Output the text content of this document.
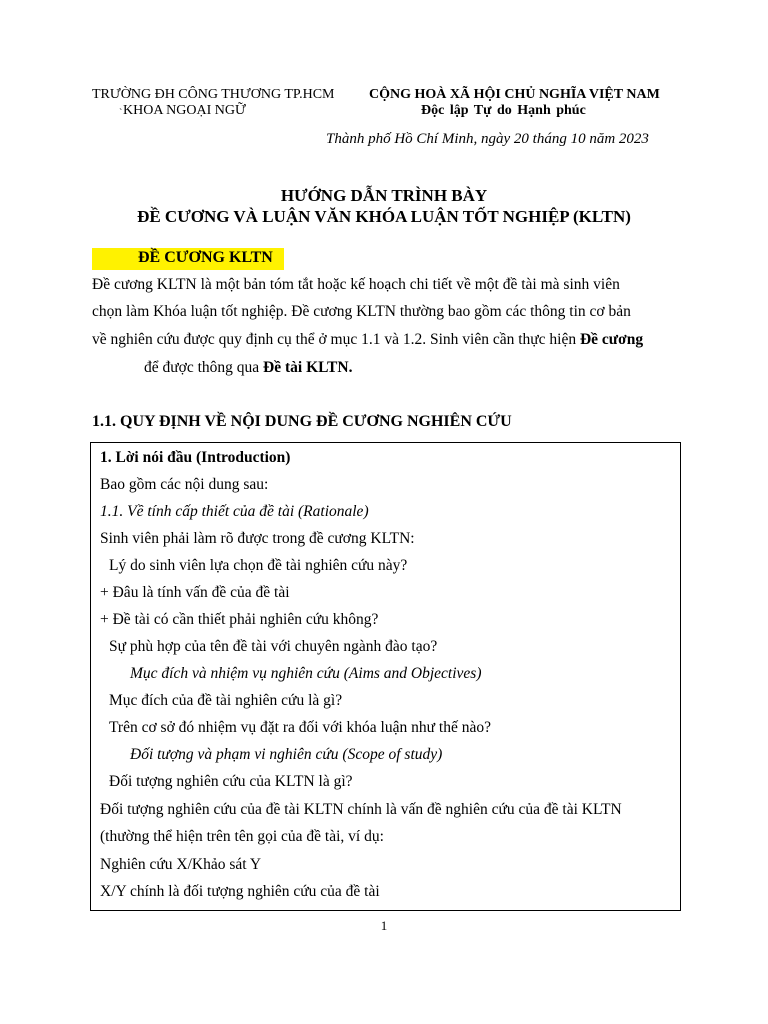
TRƯỜNG ĐH CÔNG THƯƠNG TP.HCM
KHOA NGOẠI NGỮ
`
CỘNG HOÀ XÃ HỘI CHỦ NGHĨA VIỆT NAM
Độc lập Tự do Hạnh phúc
Thành phố Hồ Chí Minh, ngày 20 tháng 10 năm 2023
HƯỚNG DẪN TRÌNH BÀY
ĐỀ CƯƠNG VÀ LUẬN VĂN KHÓA LUẬN TỐT NGHIỆP (KLTN)
ĐỀ CƯƠNG KLTN
Đề cương KLTN là một bản tóm tắt hoặc kế hoạch chi tiết về một đề tài mà sinh viên
chọn làm Khóa luận tốt nghiệp. Đề cương KLTN thường bao gồm các thông tin cơ bản
về nghiên cứu được quy định cụ thể ở mục 1.1 và 1.2. Sinh viên cần thực hiện Đề cương
để được thông qua Đề tài KLTN.
1.1. QUY ĐỊNH VỀ NỘI DUNG ĐỀ CƯƠNG NGHIÊN CỨU
1. Lời nói đầu (Introduction)
Bao gồm các nội dung sau:
1.1. Về tính cấp thiết của đề tài (Rationale)
Sinh viên phải làm rõ được trong đề cương KLTN:
Lý do sinh viên lựa chọn đề tài nghiên cứu này?
+ Đâu là tính vấn đề của đề tài
+ Đề tài có cần thiết phải nghiên cứu không?
Sự phù hợp của tên đề tài với chuyên ngành đào tạo?
Mục đích và nhiệm vụ nghiên cứu (Aims and Objectives)
Mục đích của đề tài nghiên cứu là gì?
Trên cơ sở đó nhiệm vụ đặt ra đối với khóa luận như thế nào?
Đối tượng và phạm vi nghiên cứu (Scope of study)
Đối tượng nghiên cứu của KLTN là gì?
Đối tượng nghiên cứu của đề tài KLTN chính là vấn đề nghiên cứu của đề tài KLTN
(thường thể hiện trên tên gọi của đề tài, ví dụ:
Nghiên cứu X/Khảo sát Y
X/Y chính là đối tượng nghiên cứu của đề tài
1
